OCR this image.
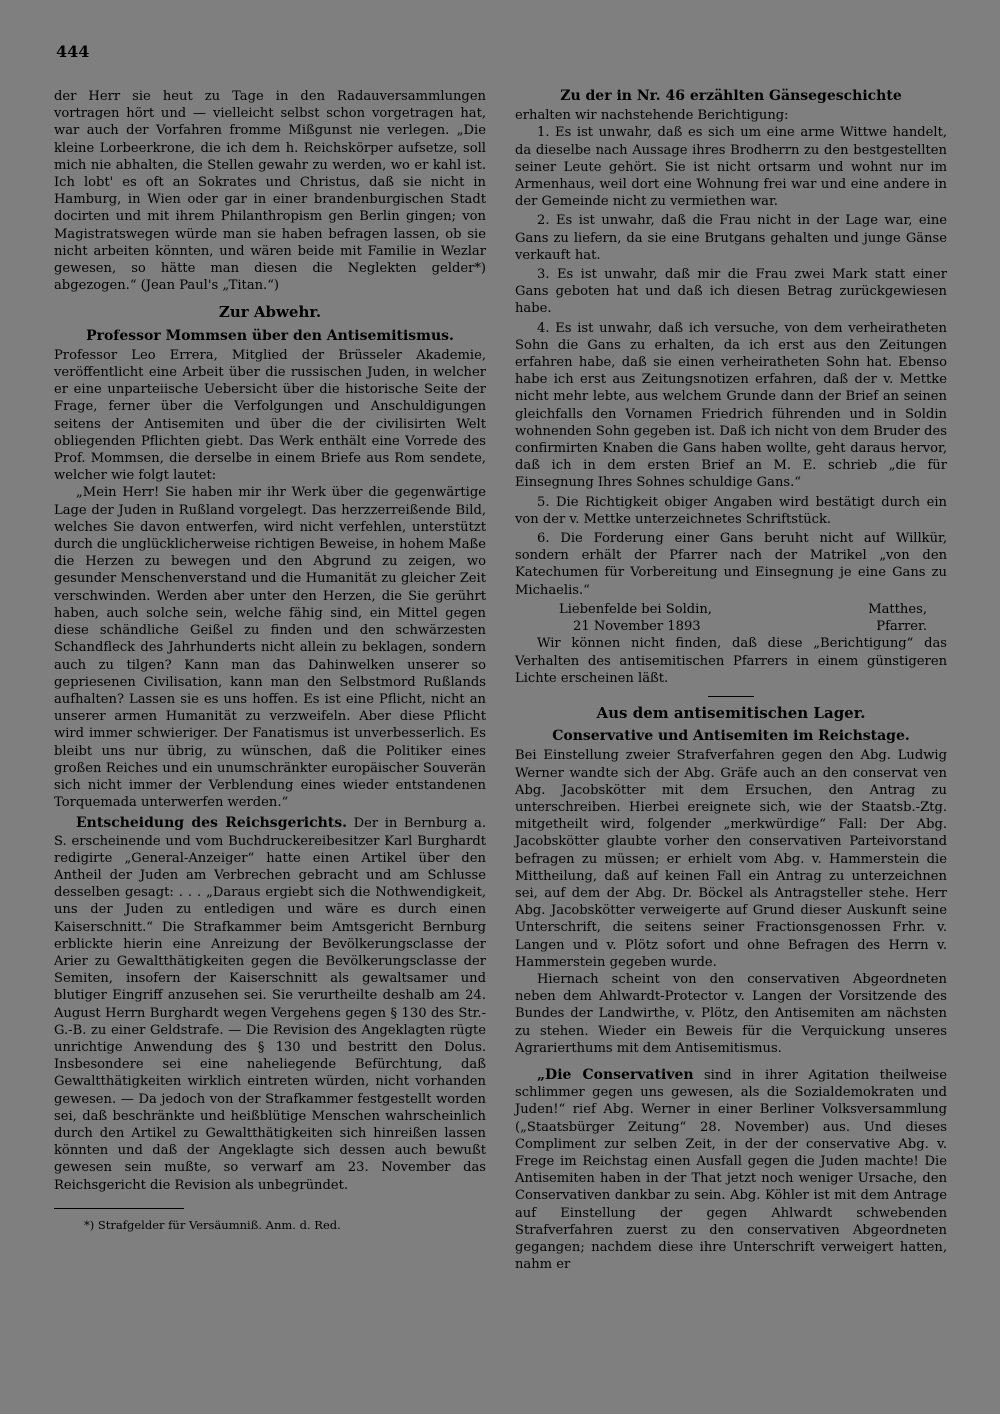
444

der Herr sie heut zu Tage in den Radauversammlungen vortragen hört und — vielleicht selbst schon vorgetragen hat, war auch der Vorfahren fromme Mißgunst nie verlegen. „Die kleine Lorbeerkrone, die ich dem h. Reichskörper aufsetze, soll mich nie abhalten, die Stellen gewahr zu werden, wo er kahl ist. Ich lobt' es oft an Sokrates und Christus, daß sie nicht in Hamburg, in Wien oder gar in einer brandenburgischen Stadt docirten und mit ihrem Philanthropism gen Berlin gingen; von Magistratswegen würde man sie haben befragen lassen, ob sie nicht arbeiten könnten, und wären beide mit Familie in Wezlar gewesen, so hätte man diesen die Neglekten gelder*) abgezogen.“ (Jean Paul's „Titan.“)

Zur Abwehr.
Professor Mommsen über den Antisemitismus.

Professor Leo Errera, Mitglied der Brüsseler Akademie, veröffentlicht eine Arbeit über die russischen Juden, in welcher er eine unparteiische Uebersicht über die historische Seite der Frage, ferner über die Verfolgungen und Anschuldigungen seitens der Antisemiten und über die der civilisirten Welt obliegenden Pflichten giebt. Das Werk enthält eine Vorrede des Prof. Mommsen, die derselbe in einem Briefe aus Rom sendete, welcher wie folgt lautet:

„Mein Herr! Sie haben mir ihr Werk über die gegenwärtige Lage der Juden in Rußland vorgelegt. Das herzzerreißende Bild, welches Sie davon entwerfen, wird nicht verfehlen, unterstützt durch die unglücklicherweise richtigen Beweise, in hohem Maße die Herzen zu bewegen und den Abgrund zu zeigen, wo gesunder Menschenverstand und die Humanität zu gleicher Zeit verschwinden. Werden aber unter den Herzen, die Sie gerührt haben, auch solche sein, welche fähig sind, ein Mittel gegen diese schändliche Geißel zu finden und den schwärzesten Schandfleck des Jahrhunderts nicht allein zu beklagen, sondern auch zu tilgen? Kann man das Dahinwelken unserer so gepriesenen Civilisation, kann man den Selbstmord Rußlands aufhalten? Lassen sie es uns hoffen. Es ist eine Pflicht, nicht an unserer armen Humanität zu verzweifeln. Aber diese Pflicht wird immer schwieriger. Der Fanatismus ist unverbesserlich. Es bleibt uns nur übrig, zu wünschen, daß die Politiker eines großen Reiches und ein unumschränkter europäischer Souverän sich nicht immer der Verblendung eines wieder entstandenen Torquemada unterwerfen werden.“

Entscheidung des Reichsgerichts. Der in Bernburg a. S. erscheinende und vom Buchdruckereibesitzer Karl Burghardt redigirte „General-Anzeiger“ hatte einen Artikel über den Antheil der Juden am Verbrechen gebracht und am Schlusse desselben gesagt: . . . „Daraus ergiebt sich die Nothwendigkeit, uns der Juden zu entledigen und wäre es durch einen Kaiserschnitt.“ Die Strafkammer beim Amtsgericht Bernburg erblickte hierin eine Anreizung der Bevölkerungsclasse der Arier zu Gewaltthätigkeiten gegen die Bevölkerungsclasse der Semiten, insofern der Kaiserschnitt als gewaltsamer und blutiger Eingriff anzusehen sei. Sie verurtheilte deshalb am 24. August Herrn Burghardt wegen Vergehens gegen § 130 des Str.-G.-B. zu einer Geldstrafe. — Die Revision des Angeklagten rügte unrichtige Anwendung des § 130 und bestritt den Dolus. Insbesondere sei eine naheliegende Befürchtung, daß Gewaltthätigkeiten wirklich eintreten würden, nicht vorhanden gewesen. — Da jedoch von der Strafkammer festgestellt worden sei, daß beschränkte und heißblütige Menschen wahrscheinlich durch den Artikel zu Gewaltthätigkeiten sich hinreißen lassen könnten und daß der Angeklagte sich dessen auch bewußt gewesen sein mußte, so verwarf am 23. November das Reichsgericht die Revision als unbegründet.

*) Strafgelder für Versäumniß. Anm. d. Red.
Zu der in Nr. 46 erzählten Gänsegeschichte

erhalten wir nachstehende Berichtigung:

1. Es ist unwahr, daß es sich um eine arme Wittwe handelt, da dieselbe nach Aussage ihres Brodherrn zu den bestgestellten seiner Leute gehört. Sie ist nicht ortsarm und wohnt nur im Armenhaus, weil dort eine Wohnung frei war und eine andere in der Gemeinde nicht zu vermiethen war.

2. Es ist unwahr, daß die Frau nicht in der Lage war, eine Gans zu liefern, da sie eine Brutgans gehalten und junge Gänse verkauft hat.

3. Es ist unwahr, daß mir die Frau zwei Mark statt einer Gans geboten hat und daß ich diesen Betrag zurückgewiesen habe.

4. Es ist unwahr, daß ich versuche, von dem verheiratheten Sohn die Gans zu erhalten, da ich erst aus den Zeitungen erfahren habe, daß sie einen verheiratheten Sohn hat. Ebenso habe ich erst aus Zeitungsnotizen erfahren, daß der v. Mettke nicht mehr lebte, aus welchem Grunde dann der Brief an seinen gleichfalls den Vornamen Friedrich führenden und in Soldin wohnenden Sohn gegeben ist. Daß ich nicht von dem Bruder des confirmirten Knaben die Gans haben wollte, geht daraus hervor, daß ich in dem ersten Brief an M. E. schrieb „die für Einsegnung Ihres Sohnes schuldige Gans.“

5. Die Richtigkeit obiger Angaben wird bestätigt durch ein von der v. Mettke unterzeichnetes Schriftstück.

6. Die Forderung einer Gans beruht nicht auf Willkür, sondern erhält der Pfarrer nach der Matrikel „von den Katechumen für Vorbereitung und Einsegnung je eine Gans zu Michaelis.“

Liebenfelde bei Soldin,	Matthes,
21 November 1893	Pfarrer.

Wir können nicht finden, daß diese „Berichtigung“ das Verhalten des antisemitischen Pfarrers in einem günstigeren Lichte erscheinen läßt.

Aus dem antisemitischen Lager.
Conservative und Antisemiten im Reichstage.

Bei Einstellung zweier Strafverfahren gegen den Abg. Ludwig Werner wandte sich der Abg. Gräfe auch an den conservat ven Abg. Jacobskötter mit dem Ersuchen, den Antrag zu unterschreiben. Hierbei ereignete sich, wie der Staatsb.-Ztg. mitgetheilt wird, folgender „merkwürdige“ Fall: Der Abg. Jacobskötter glaubte vorher den conservativen Parteivorstand befragen zu müssen; er erhielt vom Abg. v. Hammerstein die Mittheilung, daß auf keinen Fall ein Antrag zu unterzeichnen sei, auf dem der Abg. Dr. Böckel als Antragsteller stehe. Herr Abg. Jacobskötter verweigerte auf Grund dieser Auskunft seine Unterschrift, die seitens seiner Fractionsgenossen Frhr. v. Langen und v. Plötz sofort und ohne Befragen des Herrn v. Hammerstein gegeben wurde.

Hiernach scheint von den conservativen Abgeordneten neben dem Ahlwardt-Protector v. Langen der Vorsitzende des Bundes der Landwirthe, v. Plötz, den Antisemiten am nächsten zu stehen. Wieder ein Beweis für die Verquickung unseres Agrarierthums mit dem Antisemitismus.

„Die Conservativen sind in ihrer Agitation theilweise schlimmer gegen uns gewesen, als die Sozialdemokraten und Juden!“ rief Abg. Werner in einer Berliner Volksversammlung („Staatsbürger Zeitung“ 28. November) aus. Und dieses Compliment zur selben Zeit, in der der conservative Abg. v. Frege im Reichstag einen Ausfall gegen die Juden machte! Die Antisemiten haben in der That jetzt noch weniger Ursache, den Conservativen dankbar zu sein. Abg. Köhler ist mit dem Antrage auf Einstellung der gegen Ahlwardt schwebenden Strafverfahren zuerst zu den conservativen Abgeordneten gegangen; nachdem diese ihre Unterschrift verweigert hatten, nahm er
